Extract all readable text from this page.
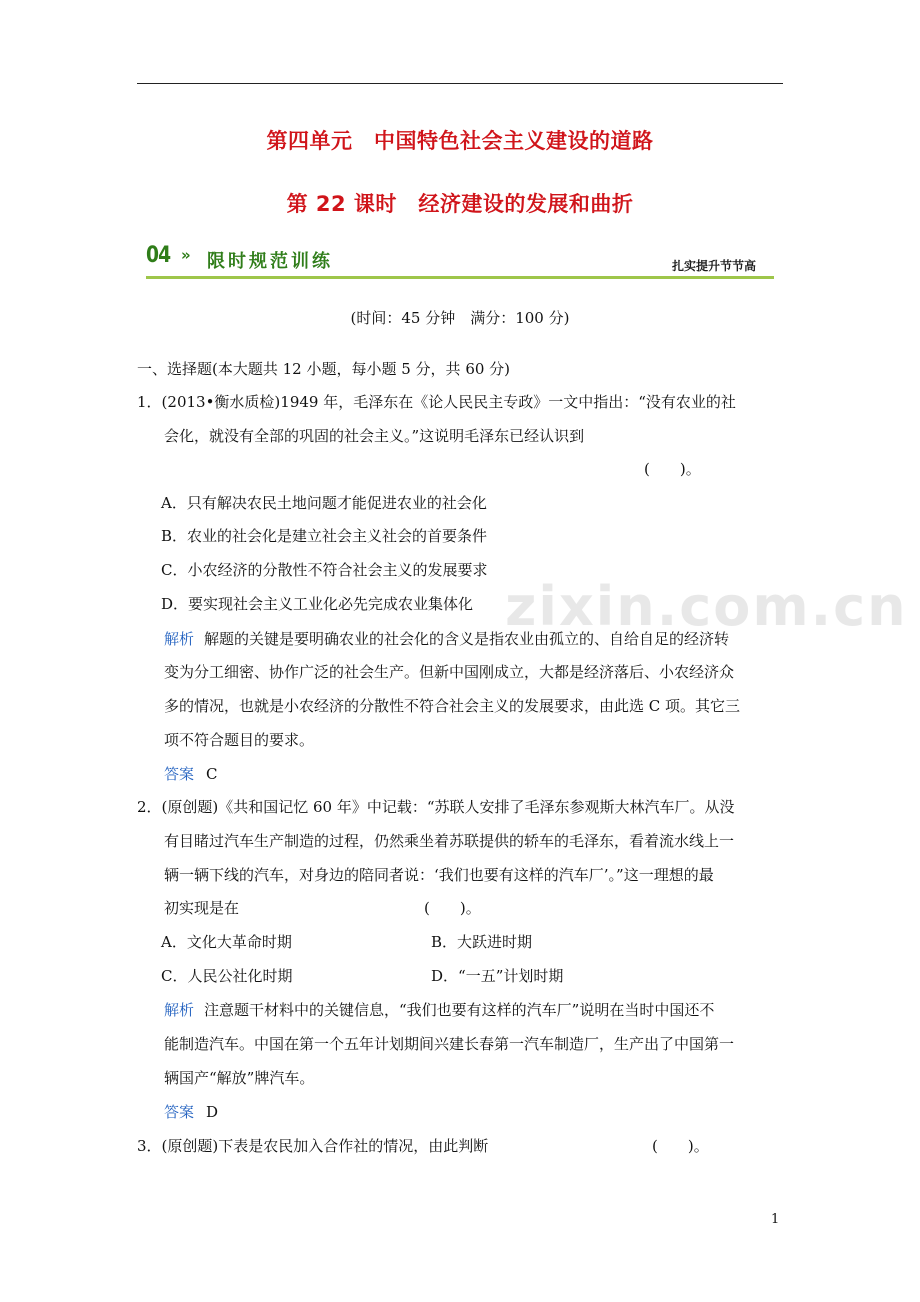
第四单元　中国特色社会主义建设的道路
第 22 课时　经济建设的发展和曲折
04 » 限时规范训练	扎实提升节节高
(时间：45 分钟　满分：100 分)
一、选择题(本大题共 12 小题，每小题 5 分，共 60 分)
1．(2013•衡水质检)1949 年，毛泽东在《论人民民主专政》一文中指出：“没有农业的社
会化，就没有全部的巩固的社会主义。”这说明毛泽东已经认识到
(　　)。
A．只有解决农民土地问题才能促进农业的社会化
B．农业的社会化是建立社会主义社会的首要条件
C．小农经济的分散性不符合社会主义的发展要求
D．要实现社会主义工业化必先完成农业集体化
解析 解题的关键是要明确农业的社会化的含义是指农业由孤立的、自给自足的经济转
变为分工细密、协作广泛的社会生产。但新中国刚成立，大都是经济落后、小农经济众
多的情况，也就是小农经济的分散性不符合社会主义的发展要求，由此选 C 项。其它三
项不符合题目的要求。
答案 C
zixin.com.cn
2．(原创题)《共和国记忆 60 年》中记载：“苏联人安排了毛泽东参观斯大林汽车厂。从没
有目睹过汽车生产制造的过程，仍然乘坐着苏联提供的轿车的毛泽东，看着流水线上一
辆一辆下线的汽车，对身边的陪同者说：‘我们也要有这样的汽车厂’。”这一理想的最
初实现是在	(　　)。
A．文化大革命时期	B．大跃进时期
C．人民公社化时期	D．“一五”计划时期
解析 注意题干材料中的关键信息，“我们也要有这样的汽车厂”说明在当时中国还不
能制造汽车。中国在第一个五年计划期间兴建长春第一汽车制造厂，生产出了中国第一
辆国产“解放”牌汽车。
答案 D
3．(原创题)下表是农民加入合作社的情况，由此判断	(　　)。
1
